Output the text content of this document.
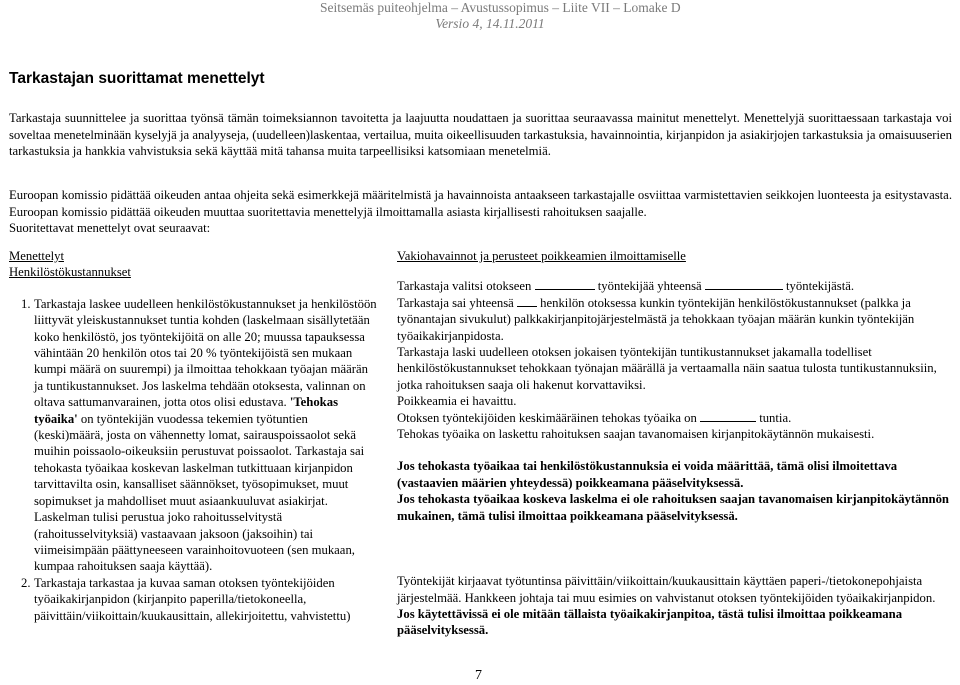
Seitsemäs puiteohjelma – Avustussopimus – Liite VII – Lomake D
Versio 4, 14.11.2011
Tarkastajan suorittamat menettelyt

Tarkastaja suunnittelee ja suorittaa työnsä tämän toimeksiannon tavoitetta ja laajuutta noudattaen ja suorittaa seuraavassa mainitut menettelyt. Menettelyjä suorittaessaan tarkastaja voi soveltaa menetelminään kyselyjä ja analyyseja, (uudelleen)laskentaa, vertailua, muita oikeellisuuden tarkastuksia, havainnointia, kirjanpidon ja asiakirjojen tarkastuksia ja omaisuuserien tarkastuksia ja hankkia vahvistuksia sekä käyttää mitä tahansa muita tarpeellisiksi katsomiaan menetelmiä.

Euroopan komissio pidättää oikeuden antaa ohjeita sekä esimerkkejä määritelmistä ja havainnoista antaakseen tarkastajalle osviittaa varmistettavien seikkojen luonteesta ja esitystavasta. Euroopan komissio pidättää oikeuden muuttaa suoritettavia menettelyjä ilmoittamalla asiasta kirjallisesti rahoituksen saajalle.

Suoritettavat menettelyt ovat seuraavat:

Menettelyt
Henkilöstökustannukset
1. Tarkastaja laskee uudelleen henkilöstökustannukset ja henkilöstöön liittyvät yleiskustannukset tuntia kohden (laskelmaan sisällytetään koko henkilöstö, jos työntekijöitä on alle 20; muussa tapauksessa vähintään 20 henkilön otos tai 20 % työntekijöistä sen mukaan kumpi määrä on suurempi) ja ilmoittaa tehokkaan työajan määrän ja tuntikustannukset. Jos laskelma tehdään otoksesta, valinnan on oltava sattumanvarainen, jotta otos olisi edustava. 'Tehokas työaika' on työntekijän vuodessa tekemien työtuntien (keski)määrä, josta on vähennetty lomat, sairauspoissaolot sekä muihin poissaolo-oikeuksiin perustuvat poissaolot. Tarkastaja sai tehokasta työaikaa koskevan laskelman tutkittuaan kirjanpidon tarvittavilta osin, kansalliset säännökset, työsopimukset, muut sopimukset ja mahdolliset muut asiaankuuluvat asiakirjat. Laskelman tulisi perustua joko rahoitusselvitystä (rahoitusselvityksiä) vastaavaan jaksoon (jaksoihin) tai viimeisimpään päättyneeseen varainhoitovuoteen (sen mukaan, kumpaa rahoituksen saaja käyttää).
2. Tarkastaja tarkastaa ja kuvaa saman otoksen työntekijöiden työaikakirjanpidon (kirjanpito paperilla/tietokoneella, päivittäin/viikoittain/kuukausittain, allekirjoitettu, vahvistettu)
Vakiohavainnot ja perusteet poikkeamien ilmoittamiselle

Tarkastaja valitsi otokseen	työntekijää yhteensä	työntekijästä.

Tarkastaja sai yhteensä henkilön otoksessa kunkin työntekijän henkilöstökustannukset (palkka ja työnantajan sivukulut) palkkakirjanpitojärjestelmästä ja tehokkaan työajan määrän kunkin työntekijän työaikakirjanpidosta.

Tarkastaja laski uudelleen otoksen jokaisen työntekijän tuntikustannukset jakamalla todelliset henkilöstökustannukset tehokkaan työnajan määrällä ja vertaamalla näin saatua tulosta tuntikustannuksiin, jotka rahoituksen saaja oli hakenut korvattaviksi.

Poikkeamia ei havaittu.

Otoksen työntekijöiden keskimääräinen tehokas työaika on	tuntia.

Tehokas työaika on laskettu rahoituksen saajan tavanomaisen kirjanpitokäytännön mukaisesti.

Jos tehokasta työaikaa tai henkilöstökustannuksia ei voida määrittää, tämä olisi ilmoitettava (vastaavien määrien yhteydessä) poikkeamana pääselvityksessä.

Jos tehokasta työaikaa koskeva laskelma ei ole rahoituksen saajan tavanomaisen kirjanpitokäytännön mukainen, tämä tulisi ilmoittaa poikkeamana pääselvityksessä.

Työntekijät kirjaavat työtuntinsa päivittäin/viikoittain/kuukausittain käyttäen paperi-/tietokonepohjaista järjestelmää. Hankkeen johtaja tai muu esimies on vahvistanut otoksen työntekijöiden työaikakirjanpidon.

Jos käytettävissä ei ole mitään tällaista työaikakirjanpitoa, tästä tulisi ilmoittaa poikkeamana pääselvityksessä.

7
